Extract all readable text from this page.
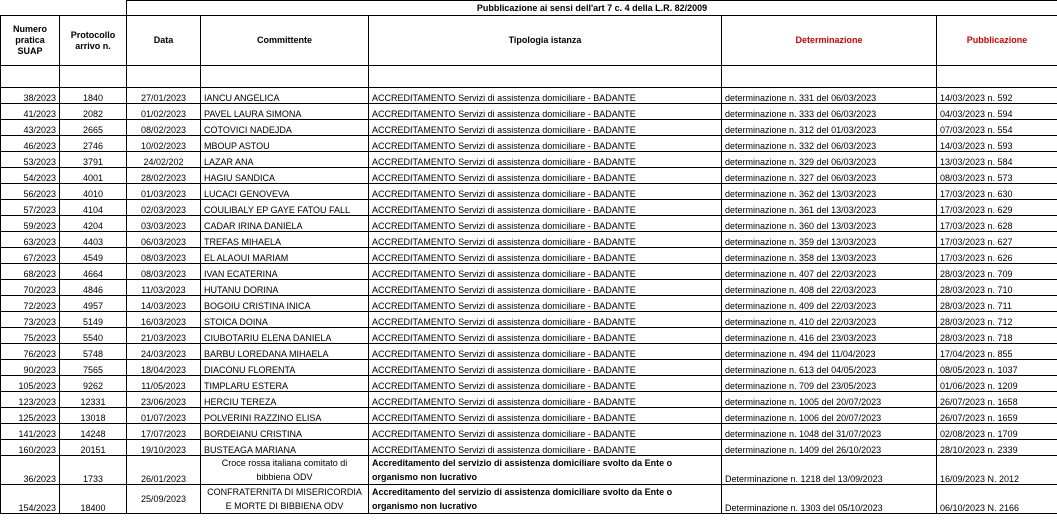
		Pubblicazione ai sensi dell'art 7 c. 4 della L.R. 82/2009				
Numero pratica SUAP	Protocollo arrivo n.	Data	Committente	Tipologia istanza	Determinazione	Pubblicazione

38/2023	1840	27/01/2023	IANCU ANGELICA	ACCREDITAMENTO Servizi di assistenza domiciliare - BADANTE	determinazione n. 331 del 06/03/2023	14/03/2023 n. 592
41/2023	2082	01/02/2023	PAVEL LAURA SIMONA	ACCREDITAMENTO Servizi di assistenza domiciliare - BADANTE	determinazione n. 333 del 06/03/2023	04/03/2023 n. 594
43/2023	2665	08/02/2023	COTOVICI NADEJDA	ACCREDITAMENTO Servizi di assistenza domiciliare - BADANTE	determinazione n. 312 del 01/03/2023	07/03/2023 n. 554
46/2023	2746	10/02/2023	MBOUP ASTOU	ACCREDITAMENTO Servizi di assistenza domiciliare - BADANTE	determinazione n. 332 del 06/03/2023	14/03/2023 n. 593
53/2023	3791	24/02/202	LAZAR ANA	ACCREDITAMENTO Servizi di assistenza domiciliare - BADANTE	determinazione n. 329 del 06/03/2023	13/03/2023 n. 584
54/2023	4001	28/02/2023	HAGIU SANDICA	ACCREDITAMENTO Servizi di assistenza domiciliare - BADANTE	determinazione n. 327 del 06/03/2023	08/03/2023 n. 573
56/2023	4010	01/03/2023	LUCACI GENOVEVA	ACCREDITAMENTO Servizi di assistenza domiciliare - BADANTE	determinazione n. 362 del 13/03/2023	17/03/2023 n. 630
57/2023	4104	02/03/2023	COULIBALY EP GAYE FATOU FALL	ACCREDITAMENTO Servizi di assistenza domiciliare - BADANTE	determinazione n. 361 del 13/03/2023	17/03/2023 n. 629
59/2023	4204	03/03/2023	CADAR IRINA DANIELA	ACCREDITAMENTO Servizi di assistenza domiciliare - BADANTE	determinazione n. 360 del 13/03/2023	17/03/2023 n. 628
63/2023	4403	06/03/2023	TREFAS MIHAELA	ACCREDITAMENTO Servizi di assistenza domiciliare - BADANTE	determinazione n. 359 del 13/03/2023	17/03/2023 n. 627
67/2023	4549	08/03/2023	EL ALAOUI MARIAM	ACCREDITAMENTO Servizi di assistenza domiciliare - BADANTE	determinazione n. 358 del 13/03/2023	17/03/2023 n. 626
68/2023	4664	08/03/2023	IVAN ECATERINA	ACCREDITAMENTO Servizi di assistenza domiciliare - BADANTE	determinazione n. 407 del 22/03/2023	28/03/2023 n. 709
70/2023	4846	11/03/2023	HUTANU DORINA	ACCREDITAMENTO Servizi di assistenza domiciliare - BADANTE	determinazione n. 408 del 22/03/2023	28/03/2023 n. 710
72/2023	4957	14/03/2023	BOGOIU CRISTINA INICA	ACCREDITAMENTO Servizi di assistenza domiciliare - BADANTE	determinazione n. 409 del 22/03/2023	28/03/2023 n. 711
73/2023	5149	16/03/2023	STOICA DOINA	ACCREDITAMENTO Servizi di assistenza domiciliare - BADANTE	determinazione n. 410 del 22/03/2023	28/03/2023 n. 712
75/2023	5540	21/03/2023	CIUBOTARIU ELENA DANIELA	ACCREDITAMENTO Servizi di assistenza domiciliare - BADANTE	determinazione n. 416 del 23/03/2023	28/03/2023 n. 718
76/2023	5748	24/03/2023	BARBU LOREDANA MIHAELA	ACCREDITAMENTO Servizi di assistenza domiciliare - BADANTE	determinazione n. 494 del 11/04/2023	17/04/2023 n. 855
90/2023	7565	18/04/2023	DIACONU FLORENTA	ACCREDITAMENTO Servizi di assistenza domiciliare - BADANTE	determinazione n. 613 del 04/05/2023	08/05/2023 n. 1037
105/2023	9262	11/05/2023	TIMPLARU ESTERA	ACCREDITAMENTO Servizi di assistenza domiciliare - BADANTE	determinazione n. 709 del 23/05/2023	01/06/2023 n. 1209
123/2023	12331	23/06/2023	HERCIU TEREZA	ACCREDITAMENTO Servizi di assistenza domiciliare - BADANTE	determinazione n. 1005 del 20/07/2023	26/07/2023 n. 1658
125/2023	13018	01/07/2023	POLVERINI RAZZINO ELISA	ACCREDITAMENTO Servizi di assistenza domiciliare - BADANTE	determinazione n. 1006 del 20/07/2023	26/07/2023 n. 1659
141/2023	14248	17/07/2023	BORDEIANU CRISTINA	ACCREDITAMENTO Servizi di assistenza domiciliare - BADANTE	determinazione n. 1048 del 31/07/2023	02/08/2023 n. 1709
160/2023	20151	19/10/2023	BUSTEAGA MARIANA	ACCREDITAMENTO Servizi di assistenza domiciliare - BADANTE	determinazione n. 1409 del 26/10/2023	28/10/2023 n. 2339
36/2023	1733	26/01/2023	Croce rossa italiana comitato di bibbiena ODV	Accreditamento del servizio di assistenza domiciliare svolto da Ente o organismo non lucrativo	Determinazione n. 1218 del 13/09/2023	16/09/2023 N. 2012
154/2023	18400	25/09/2023	CONFRATERNITA DI MISERICORDIA E MORTE DI BIBBIENA ODV	Accreditamento del servizio di assistenza domiciliare svolto da Ente o organismo non lucrativo	Determinazione n. 1303 del 05/10/2023	06/10/2023 N. 2166
